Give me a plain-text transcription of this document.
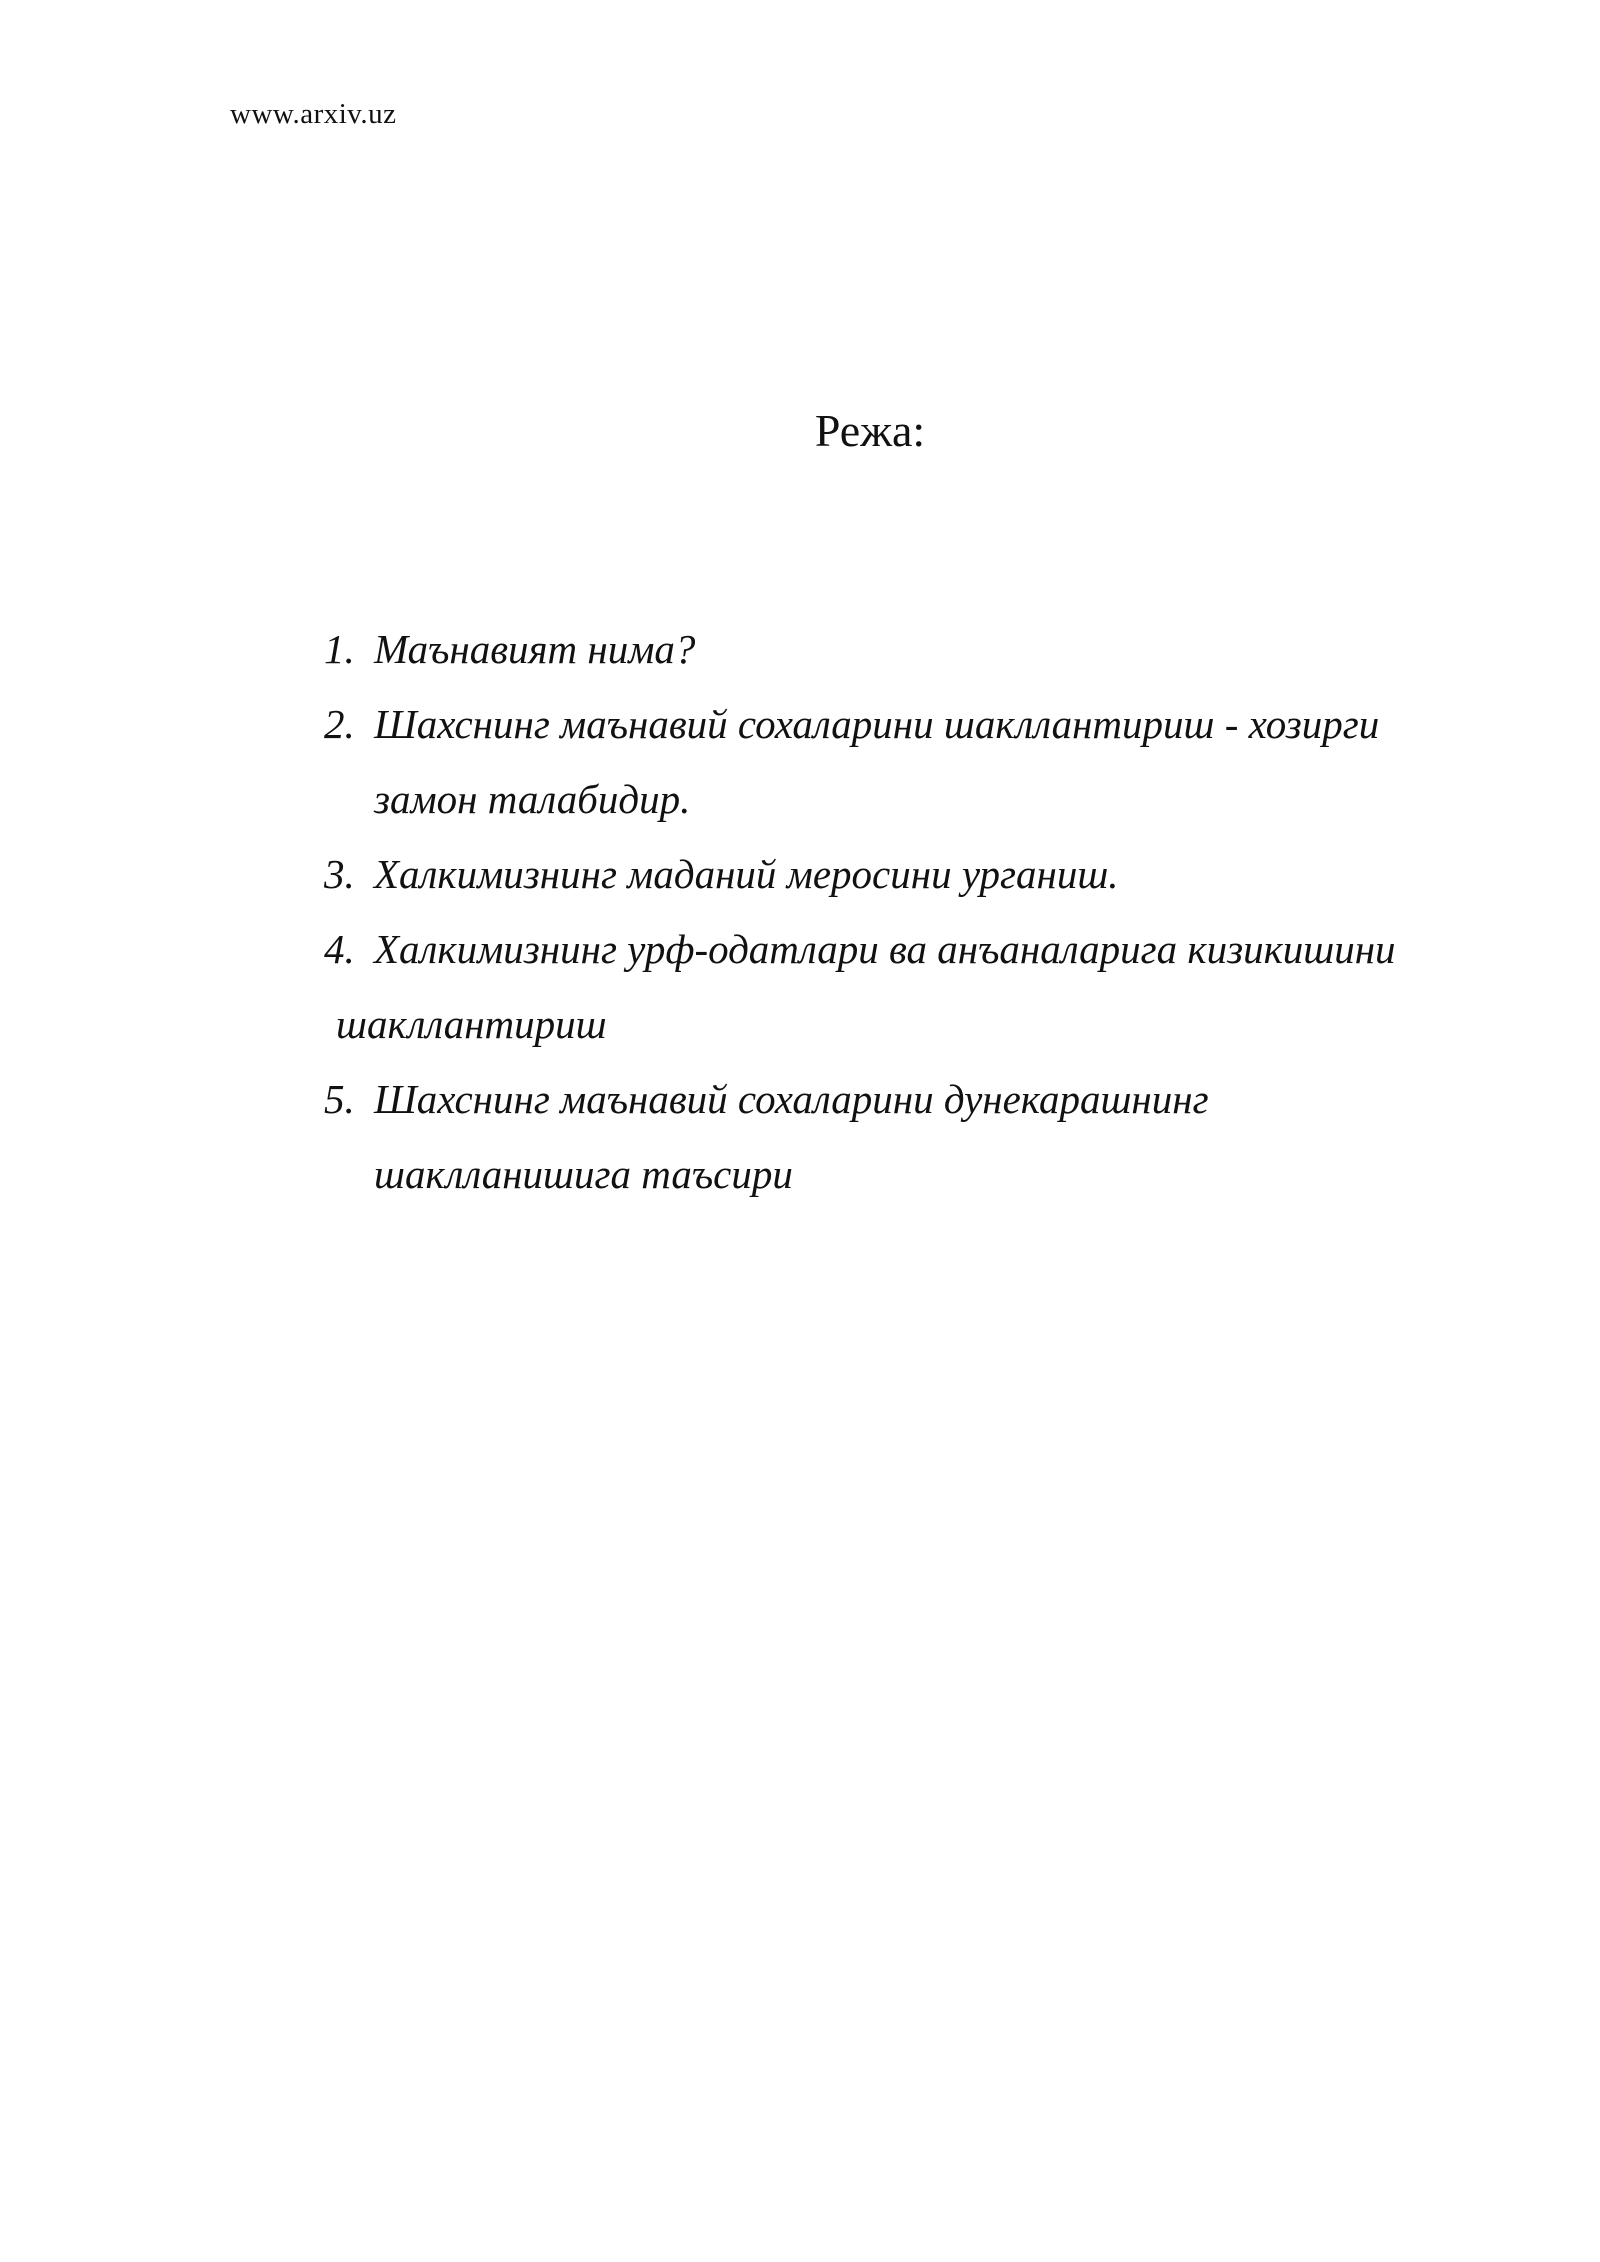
www.arxiv.uz
Режа:
1. Маънавият нима?
2. Шахснинг маънавий сохаларини шакллантириш - хозирги
замон талабидир.
3. Халкимизнинг маданий меросини урганиш.
4. Халкимизнинг урф-одатлари ва анъаналарига кизикишини
шакллантириш
5. Шахснинг маънавий сохаларини дунекарашнинг
шаклланишига таъсири
